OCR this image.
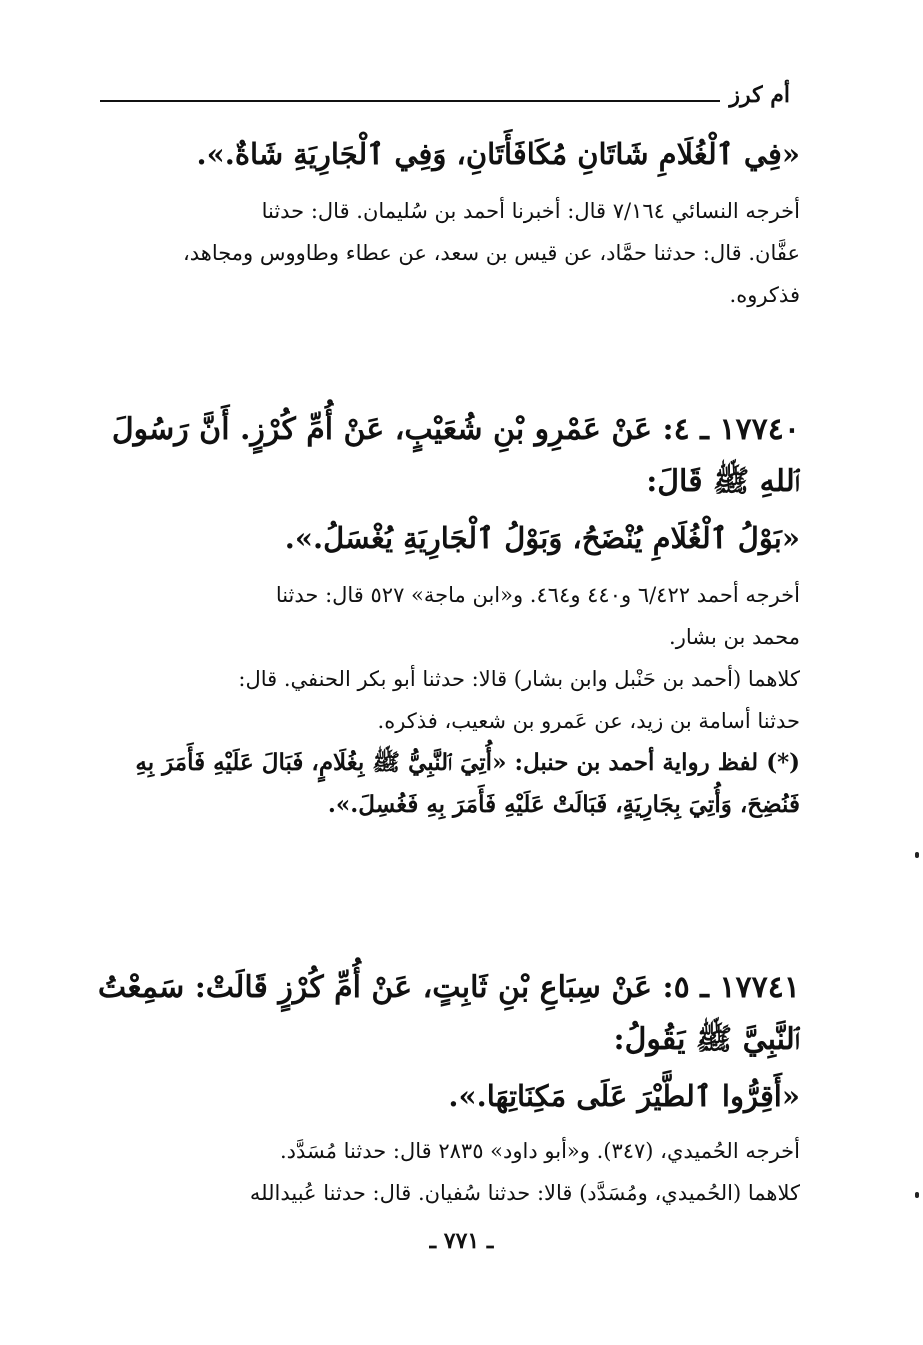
أم كرز
«فِي ٱلْغُلَامِ شَاتَانِ مُكَافَأَتَانِ، وَفِي ٱلْجَارِيَةِ شَاةٌ.».
أخرجه النسائي ٧/١٦٤ قال: أخبرنا أحمد بن سُليمان. قال: حدثنا
عفَّان. قال: حدثنا حمَّاد، عن قيس بن سعد، عن عطاء وطاووس ومجاهد،
فذكروه.
١٧٧٤٠ ـ ٤: عَنْ عَمْرِو بْنِ شُعَيْبٍ، عَنْ أُمِّ كُرْزٍ. أَنَّ رَسُولَ
ٱللهِ ﷺ قَالَ:
«بَوْلُ ٱلْغُلَامِ يُنْضَحُ، وَبَوْلُ ٱلْجَارِيَةِ يُغْسَلُ.».
أخرجه أحمد ٦/٤٢٢ و٤٤٠ و٤٦٤. و«ابن ماجة» ٥٢٧ قال: حدثنا
محمد بن بشار.
كلاهما (أحمد بن حَنْبل وابن بشار) قالا: حدثنا أبو بكر الحنفي. قال:
حدثنا أسامة بن زيد، عن عَمرو بن شعيب، فذكره.
(*) لفظ رواية أحمد بن حنبل: «أُتِيَ ٱلنَّبِيُّ ﷺ بِغُلَامٍ، فَبَالَ عَلَيْهِ فَأَمَرَ بِهِ
فَنُضِحَ، وَأُتِيَ بِجَارِيَةٍ، فَبَالَتْ عَلَيْهِ فَأَمَرَ بِهِ فَغُسِلَ.».
١٧٧٤١ ـ ٥: عَنْ سِبَاعِ بْنِ ثَابِتٍ، عَنْ أُمِّ كُرْزٍ قَالَتْ: سَمِعْتُ
ٱلنَّبِيَّ ﷺ يَقُولُ:
«أَقِرُّوا ٱلطَّيْرَ عَلَى مَكِنَاتِهَا.».
أخرجه الحُميدي، (٣٤٧). و«أبو داود» ٢٨٣٥ قال: حدثنا مُسَدَّد.
كلاهما (الحُميدي، ومُسَدَّد) قالا: حدثنا سُفيان. قال: حدثنا عُبيدالله
ـ ٧٧١ ـ
